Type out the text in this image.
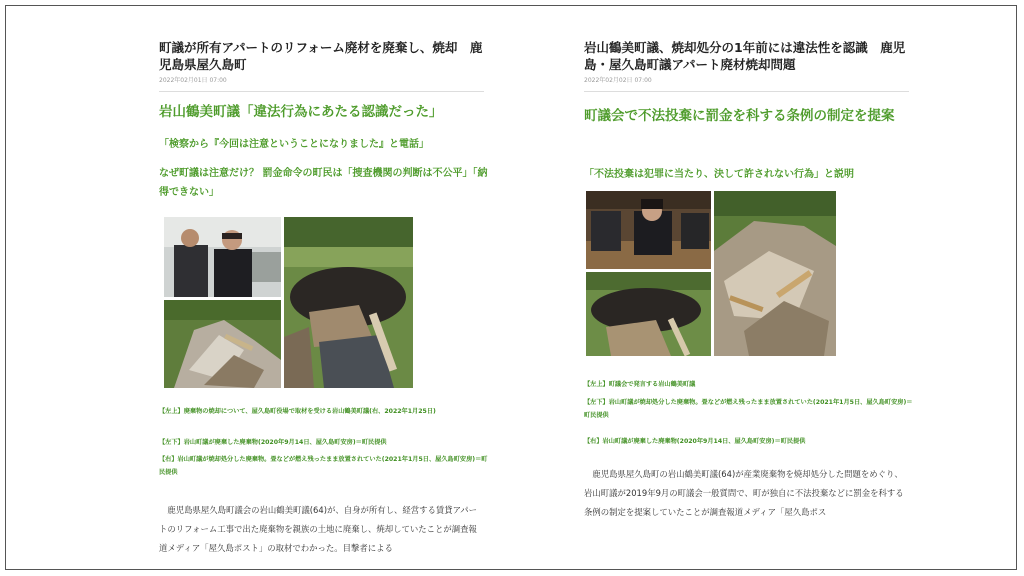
町議が所有アパートのリフォーム廃材を廃棄し、焼却　鹿児島県屋久島町
2022年02月01日 07:00
岩山鶴美町議「違法行為にあたる認識だった」
「検察から『今回は注意ということになりました』と電話」
なぜ町議は注意だけ？ 罰金命令の町民は「捜査機関の判断は不公平」「納得できない」
【左上】廃棄物の焼却について、屋久島町役場で取材を受ける岩山鶴美町議(右、2022年1月25日)
【左下】岩山町議が廃棄した廃棄物(2020年9月14日、屋久島町安房)＝町民提供
【右】岩山町議が焼却処分した廃棄物。畳などが燃え残ったまま放置されていた(2021年1月5日、屋久島町安房)＝町民提供
鹿児島県屋久島町議会の岩山鶴美町議(64)が、自身が所有し、経営する賃貸アパートのリフォーム工事で出た廃棄物を親族の土地に廃棄し、焼却していたことが調査報道メディア「屋久島ポスト」の取材でわかった。目撃者による
岩山鶴美町議、焼却処分の1年前には違法性を認識　鹿児島・屋久島町議アパート廃材焼却問題
2022年02月02日 07:00
町議会で不法投棄に罰金を科する条例の制定を提案
「不法投棄は犯罪に当たり、決して許されない行為」と説明
【左上】町議会で発言する岩山鶴美町議
【左下】岩山町議が焼却処分した廃棄物。畳などが燃え残ったまま放置されていた(2021年1月5日、屋久島町安房)＝町民提供
【右】岩山町議が廃棄した廃棄物(2020年9月14日、屋久島町安房)＝町民提供
鹿児島県屋久島町の岩山鶴美町議(64)が産業廃棄物を焼却処分した問題をめぐり、岩山町議が2019年9月の町議会一般質問で、町が独自に不法投棄などに罰金を科する条例の制定を提案していたことが調査報道メディア「屋久島ポス
